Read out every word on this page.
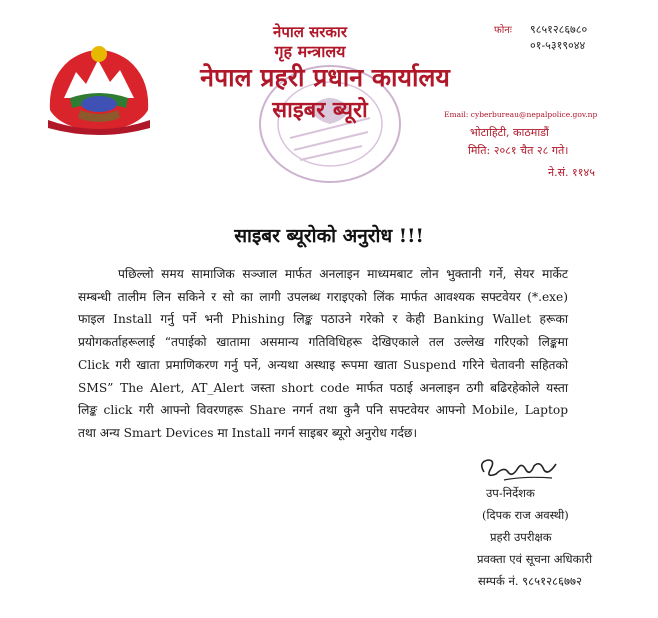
नेपाल सरकार
गृह मन्त्रालय
नेपाल प्रहरी प्रधान कार्यालय
साइबर ब्यूरो
फोनः ९८५१२८६७८०
०१-५३१९०४४
Email: cyberbureau@nepalpolice.gov.np
भोटाहिटी, काठमाडौं
मिति: २०८१ चैत २८ गते।
ने.सं. ११४५
साइबर ब्यूरोको अनुरोध !!!
पछिल्लो समय सामाजिक सञ्जाल मार्फत अनलाइन माध्यमबाट लोन भुक्तानी गर्ने, सेयर मार्केट
सम्बन्धी तालीम लिन सकिने र सो का लागी उपलब्ध गराइएको लिंक मार्फत आवश्यक सफ्टवेयर (*.exe)
फाइल Install गर्नु पर्ने भनी Phishing लिङ्क पठाउने गरेको र केही Banking Wallet हरूका
प्रयोगकर्ताहरूलाई “तपाईको खातामा असमान्य गतिविधिहरू देखिएकाले तल उल्लेख गरिएको लिङ्कमा
Click गरी खाता प्रमाणिकरण गर्नु पर्ने, अन्यथा अस्थाइ रूपमा खाता Suspend गरिने चेतावनी सहितको
SMS” The Alert, AT_Alert जस्ता short code मार्फत पठाई अनलाइन ठगी बढिरहेकोले यस्ता
लिङ्क click गरी आफ्नो विवरणहरू Share नगर्न तथा कुनै पनि सफ्टवेयर आफ्नो Mobile, Laptop
तथा अन्य Smart Devices मा Install नगर्न साइबर ब्यूरो अनुरोध गर्दछ।
उप-निर्देशक
(दिपक राज अवस्थी)
प्रहरी उपरीक्षक
प्रवक्ता एवं सूचना अधिकारी
सम्पर्क नं. ९८५१२८६७७२
